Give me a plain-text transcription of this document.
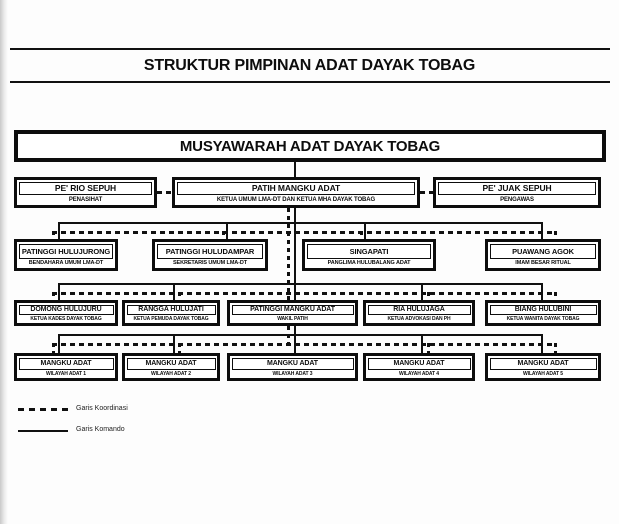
STRUKTUR PIMPINAN ADAT DAYAK TOBAG
MUSYAWARAH ADAT DAYAK TOBAG
PE' RIO SEPUH
PENASIHAT
PATIH MANGKU ADAT
KETUA UMUM LMA-DT DAN KETUA MHA DAYAK TOBAG
PE' JUAK SEPUH
PENGAWAS
PATINGGI HULUJURONG
BENDAHARA UMUM LMA-DT
PATINGGI HULUDAMPAR
SEKRETARIS UMUM LMA-DT
SINGAPATI
PANGLIMA HULUBALANG ADAT
PUAWANG AGOK
IMAM BESAR RITUAL
DOMONG HULUJURU
KETUA KADES DAYAK TOBAG
RANGGA HULUJATI
KETUA PEMUDA DAYAK TOBAG
PATINGGI MANGKU ADAT
WAKIL PATIH
RIA HULUJAGA
KETUA ADVOKASI DAN PH
BIANG HULUBINI
KETUA WANITA DAYAK TOBAG
MANGKU ADAT
WILAYAH ADAT 1
MANGKU ADAT
WILAYAH ADAT 2
MANGKU ADAT
WILAYAH ADAT 3
MANGKU ADAT
WILAYAH ADAT 4
MANGKU ADAT
WILAYAH ADAT 5
Garis Koordinasi
Garis Komando
